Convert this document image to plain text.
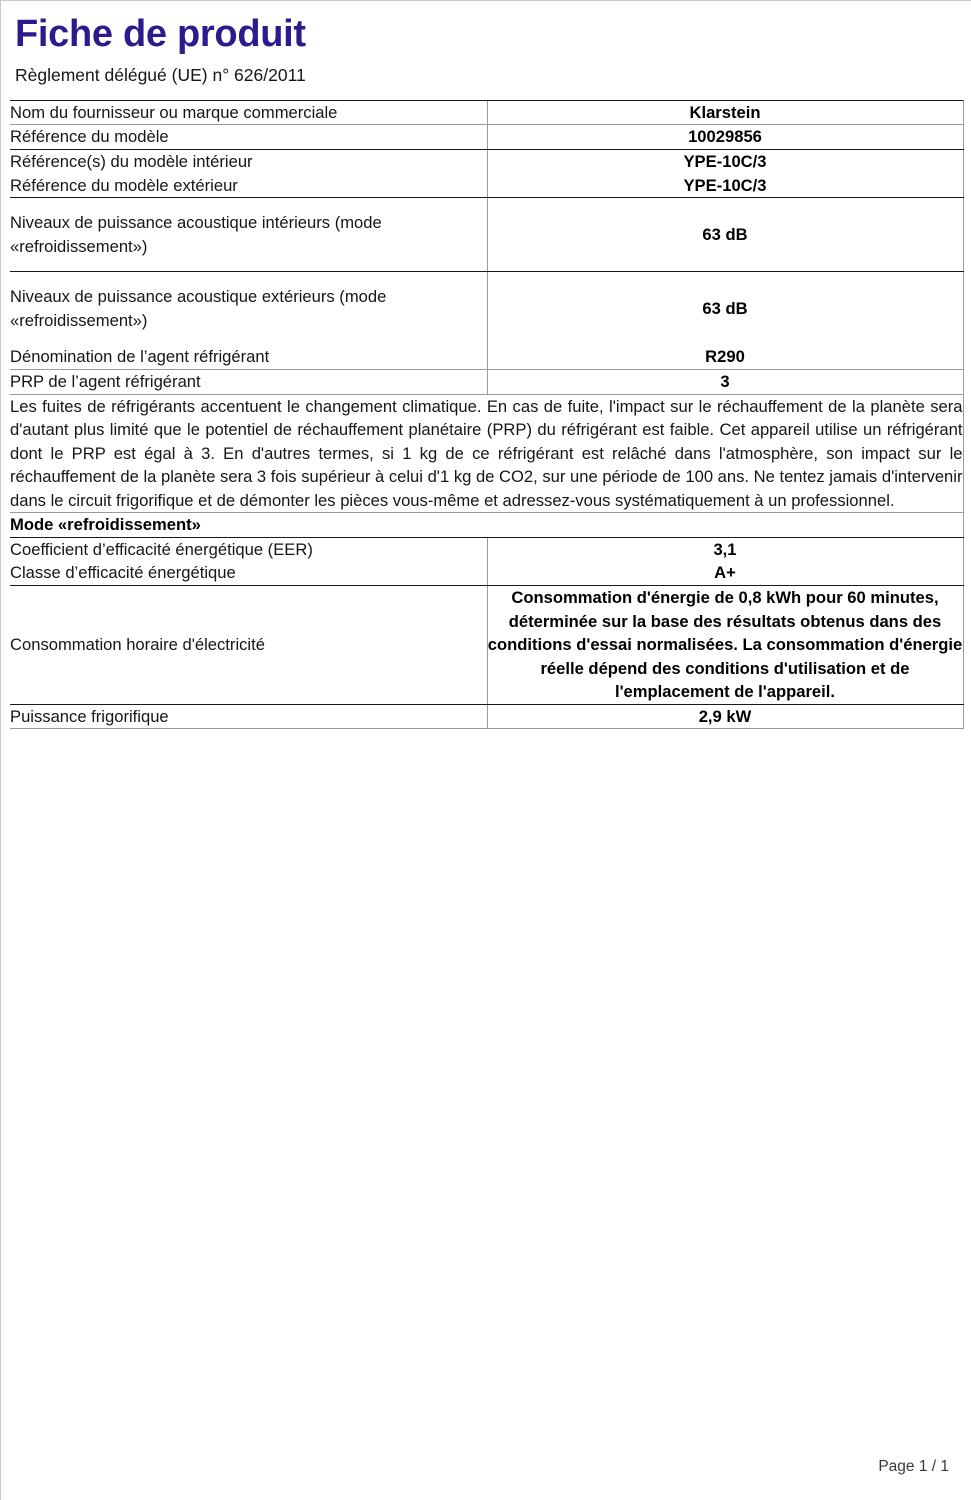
Fiche de produit
Règlement délégué (UE) n° 626/2011
Nom du fournisseur ou marque commerciale	Klarstein
Référence du modèle	10029856
Référence(s) du modèle intérieur	YPE-10C/3
Référence du modèle extérieur	YPE-10C/3
Niveaux de puissance acoustique intérieurs (mode «refroidissement»)	63 dB
Niveaux de puissance acoustique extérieurs (mode «refroidissement»)	63 dB
Dénomination de l’agent réfrigérant	R290
PRP de l’agent réfrigérant	3
Les fuites de réfrigérants accentuent le changement climatique. En cas de fuite, l'impact sur le réchauffement de la planète sera d'autant plus limité que le potentiel de réchauffement planétaire (PRP) du réfrigérant est faible. Cet appareil utilise un réfrigérant dont le PRP est égal à 3. En d'autres termes, si 1 kg de ce réfrigérant est relâché dans l'atmosphère, son impact sur le réchauffement de la planète sera 3 fois supérieur à celui d'1 kg de CO2, sur une période de 100 ans. Ne tentez jamais d'intervenir dans le circuit frigorifique et de démonter les pièces vous-même et adressez-vous systématiquement à un professionnel.	
Mode «refroidissement»	
Coefficient d’efficacité énergétique (EER)	3,1
Classe d’efficacité énergétique	A+
Consommation horaire d'électricité	Consommation d'énergie de 0,8 kWh pour 60 minutes, déterminée sur la base des résultats obtenus dans des conditions d'essai normalisées. La consommation d'énergie réelle dépend des conditions d'utilisation et de l'emplacement de l'appareil.
Puissance frigorifique	2,9 kW
Page 1 / 1
